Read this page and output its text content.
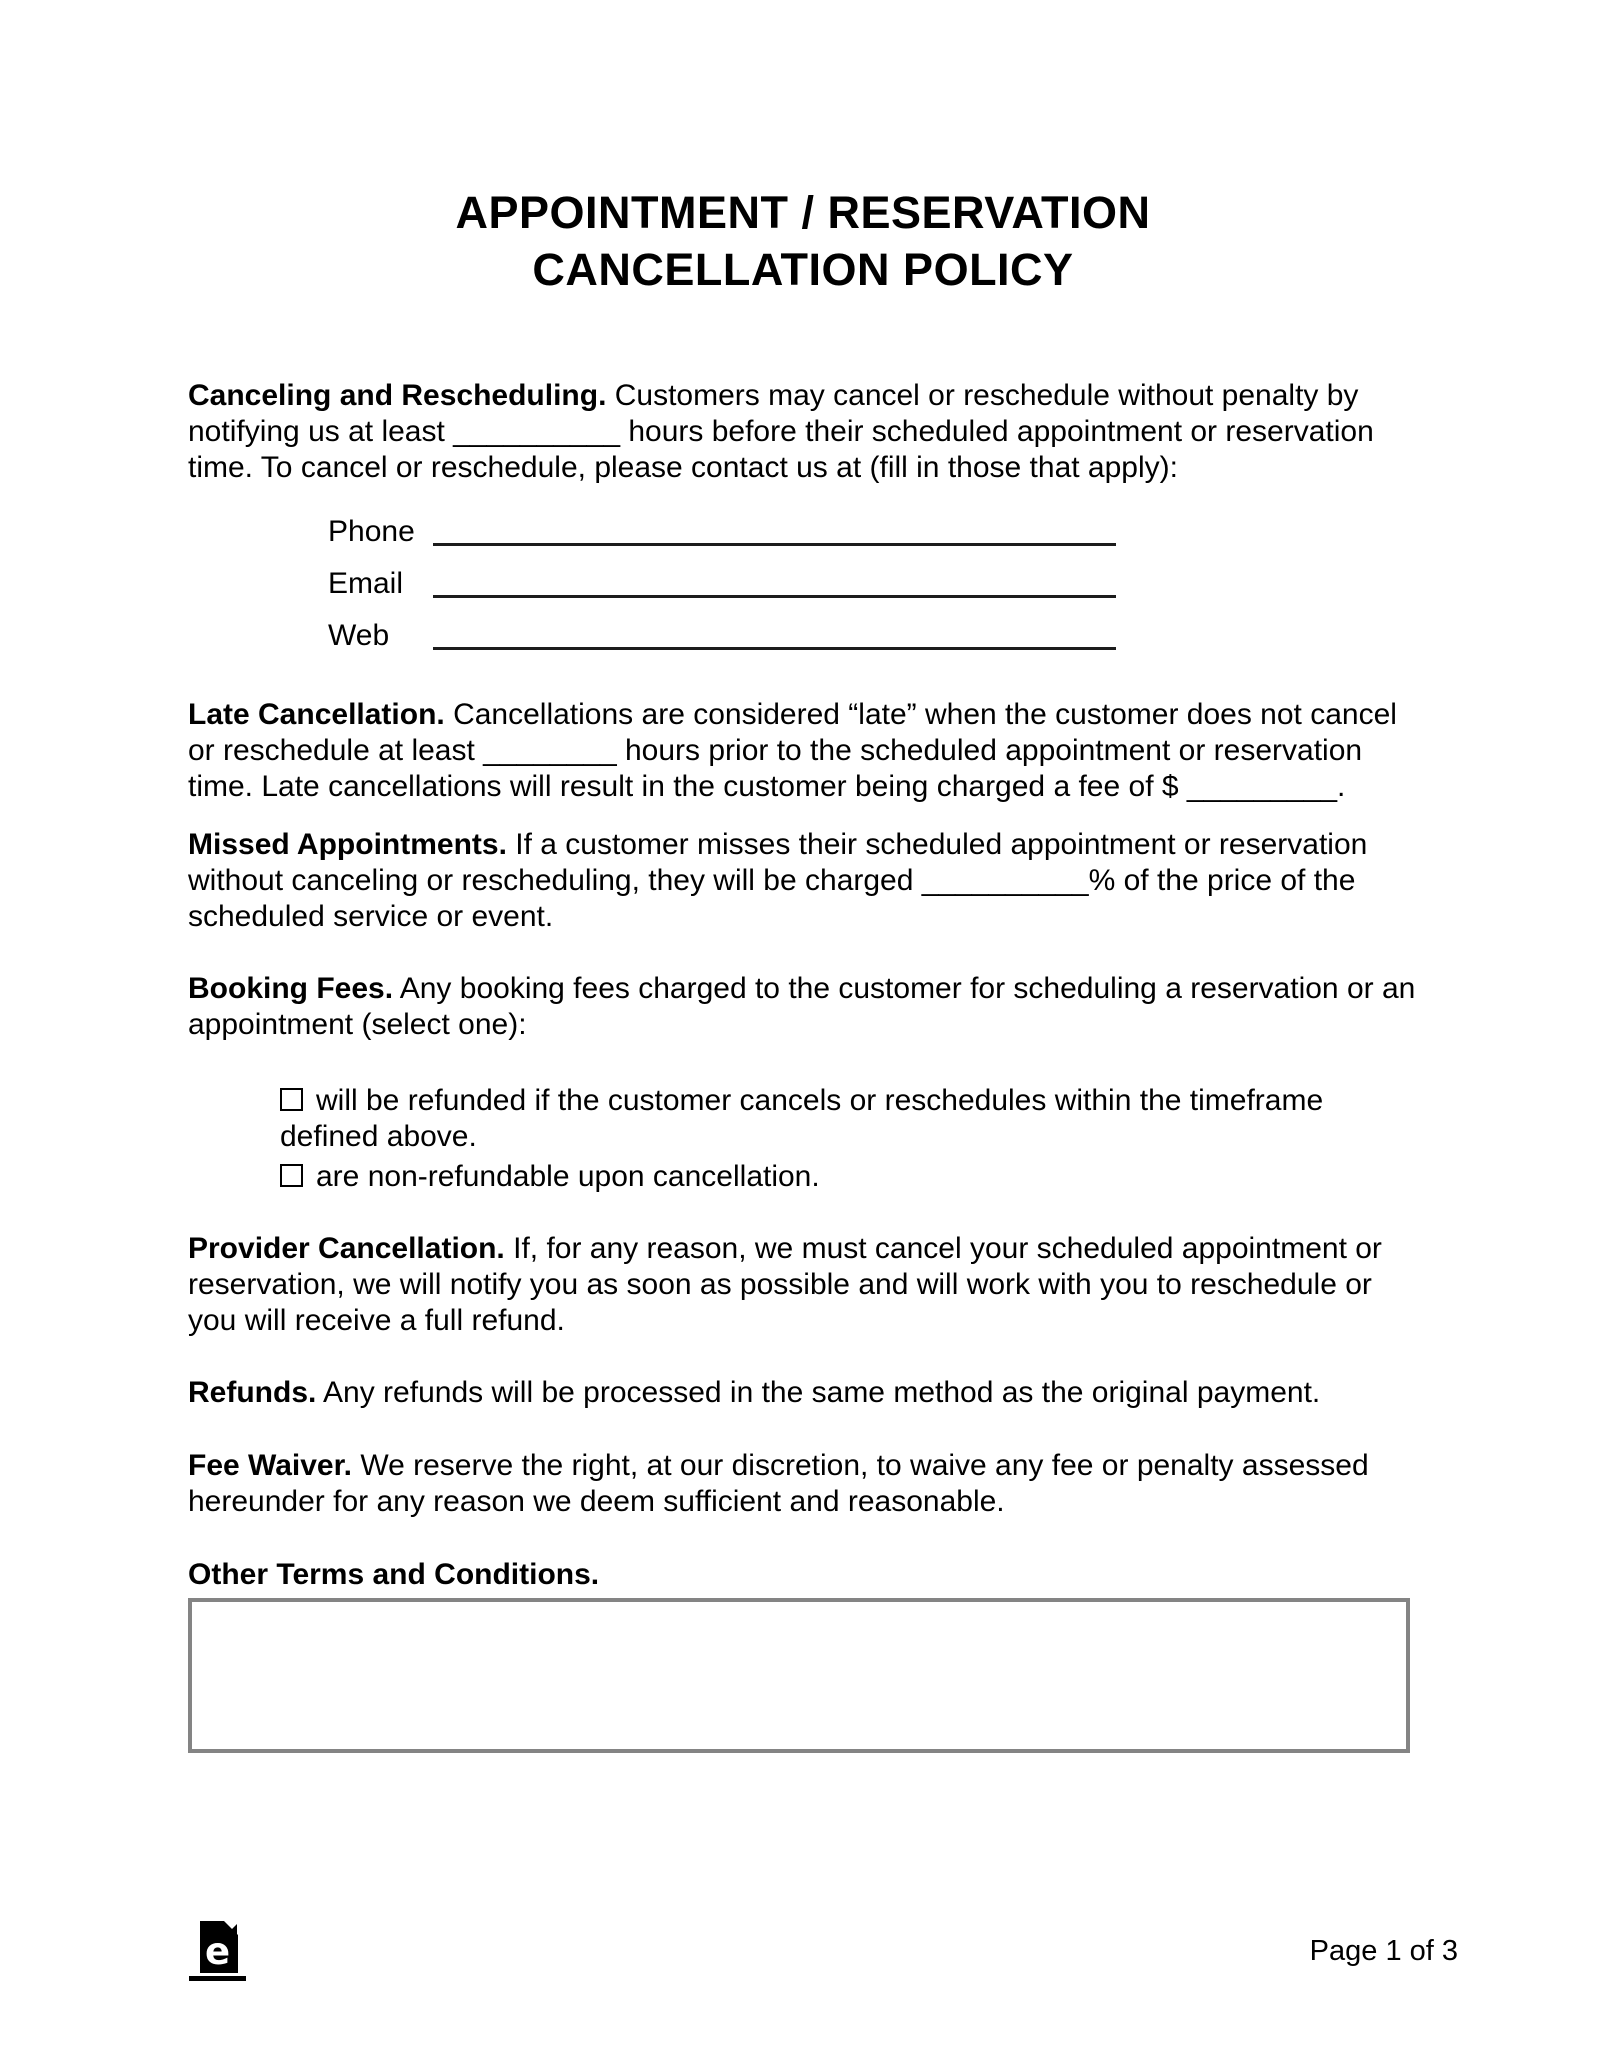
APPOINTMENT / RESERVATION
CANCELLATION POLICY

Canceling and Rescheduling. Customers may cancel or reschedule without penalty by notifying us at least __________ hours before their scheduled appointment or reservation time. To cancel or reschedule, please contact us at (fill in those that apply):

Phone
Email
Web

Late Cancellation. Cancellations are considered “late” when the customer does not cancel or reschedule at least ________ hours prior to the scheduled appointment or reservation time. Late cancellations will result in the customer being charged a fee of $ _________.

Missed Appointments. If a customer misses their scheduled appointment or reservation without canceling or rescheduling, they will be charged __________% of the price of the scheduled service or event.

Booking Fees. Any booking fees charged to the customer for scheduling a reservation or an appointment (select one):

will be refunded if the customer cancels or reschedules within the timeframe defined above.
are non-refundable upon cancellation.

Provider Cancellation. If, for any reason, we must cancel your scheduled appointment or reservation, we will notify you as soon as possible and will work with you to reschedule or you will receive a full refund.

Refunds. Any refunds will be processed in the same method as the original payment.

Fee Waiver. We reserve the right, at our discretion, to waive any fee or penalty assessed hereunder for any reason we deem sufficient and reasonable.

Other Terms and Conditions.

e	Page 1 of 3
